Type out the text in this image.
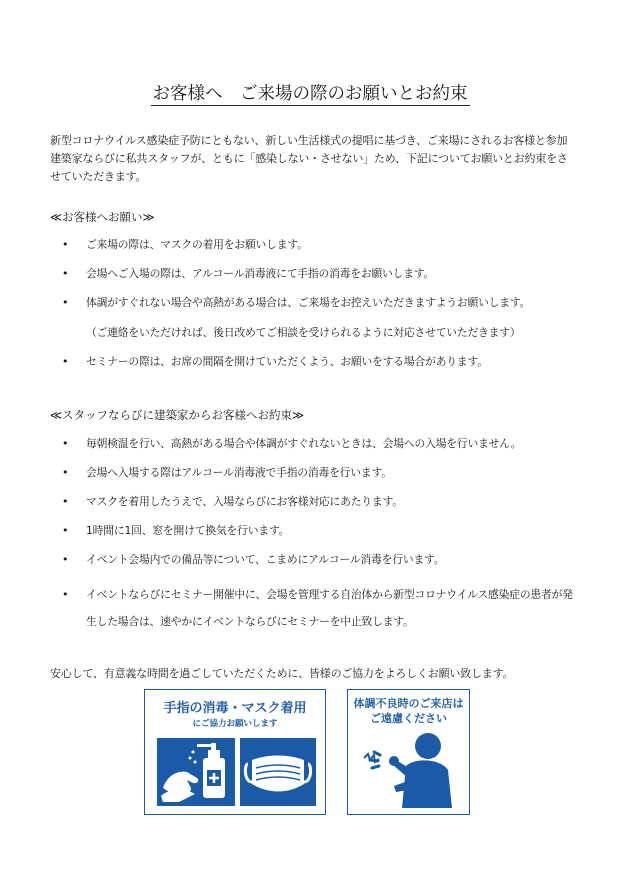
お客様へ　ご来場の際のお願いとお約束
新型コロナウイルス感染症予防にともない、新しい生活様式の提唱に基づき、ご来場にされるお客様と参加建築家ならびに私共スタッフが、ともに「感染しない・させない」ため、下記についてお願いとお約束をさせていただきます。
≪お客様へお願い≫
• ご来場の際は、マスクの着用をお願いします。
• 会場へご入場の際は、アルコール消毒液にて手指の消毒をお願いします。
• 体調がすぐれない場合や高熱がある場合は、ご来場をお控えいただきますようお願いします。
（ご連絡をいただければ、後日改めてご相談を受けられるように対応させていただきます）
• セミナーの際は、お席の間隔を開けていただくよう、お願いをする場合があります。
≪スタッフならびに建築家からお客様へお約束≫
• 毎朝検温を行い、高熱がある場合や体調がすぐれないときは、会場への入場を行いません。
• 会場へ入場する際はアルコール消毒液で手指の消毒を行います。
• マスクを着用したうえで、入場ならびにお客様対応にあたります。
• 1時間に1回、窓を開けて換気を行います。
• イベント会場内での備品等について、こまめにアルコール消毒を行います。
• イベントならびにセミナー開催中に、会場を管理する自治体から新型コロナウイルス感染症の患者が発生した場合は、速やかにイベントならびにセミナーを中止致します。
安心して、有意義な時間を過ごしていただくために、皆様のご協力をよろしくお願い致します。
手指の消毒・マスク着用
にご協力お願いします
体調不良時のご来店は
ご遠慮ください
